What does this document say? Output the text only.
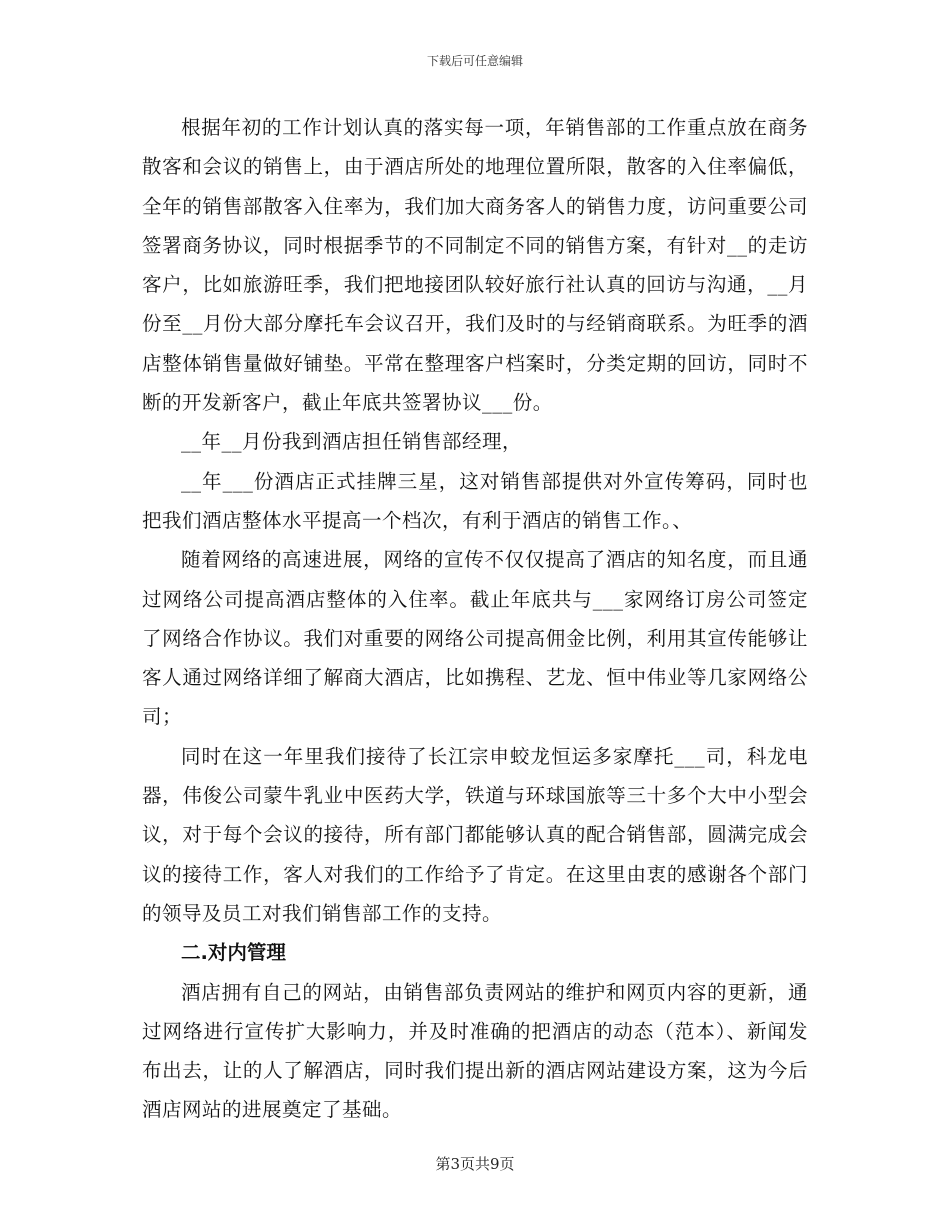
下载后可任意编辑

根据年初的工作计划认真的落实每一项，年销售部的工作重点放在商务散客和会议的销售上，由于酒店所处的地理位置所限，散客的入住率偏低，全年的销售部散客入住率为，我们加大商务客人的销售力度，访问重要公司签署商务协议，同时根据季节的不同制定不同的销售方案，有针对__的走访客户，比如旅游旺季，我们把地接团队较好旅行社认真的回访与沟通，__月份至__月份大部分摩托车会议召开，我们及时的与经销商联系。为旺季的酒店整体销售量做好铺垫。平常在整理客户档案时，分类定期的回访，同时不断的开发新客户，截止年底共签署协议___份。

__年__月份我到酒店担任销售部经理，

__年___份酒店正式挂牌三星，这对销售部提供对外宣传筹码，同时也把我们酒店整体水平提高一个档次，有利于酒店的销售工作。、

随着网络的高速进展，网络的宣传不仅仅提高了酒店的知名度，而且通过网络公司提高酒店整体的入住率。截止年底共与___家网络订房公司签定了网络合作协议。我们对重要的网络公司提高佣金比例，利用其宣传能够让客人通过网络详细了解商大酒店，比如携程、艺龙、恒中伟业等几家网络公司；

同时在这一年里我们接待了长江宗申蛟龙恒运多家摩托___司，科龙电器，伟俊公司蒙牛乳业中医药大学，铁道与环球国旅等三十多个大中小型会议，对于每个会议的接待，所有部门都能够认真的配合销售部，圆满完成会议的接待工作，客人对我们的工作给予了肯定。在这里由衷的感谢各个部门的领导及员工对我们销售部工作的支持。

二.对内管理

酒店拥有自己的网站，由销售部负责网站的维护和网页内容的更新，通过网络进行宣传扩大影响力，并及时准确的把酒店的动态（范本）、新闻发布出去，让的人了解酒店，同时我们提出新的酒店网站建设方案，这为今后酒店网站的进展奠定了基础。

第3页共9页
